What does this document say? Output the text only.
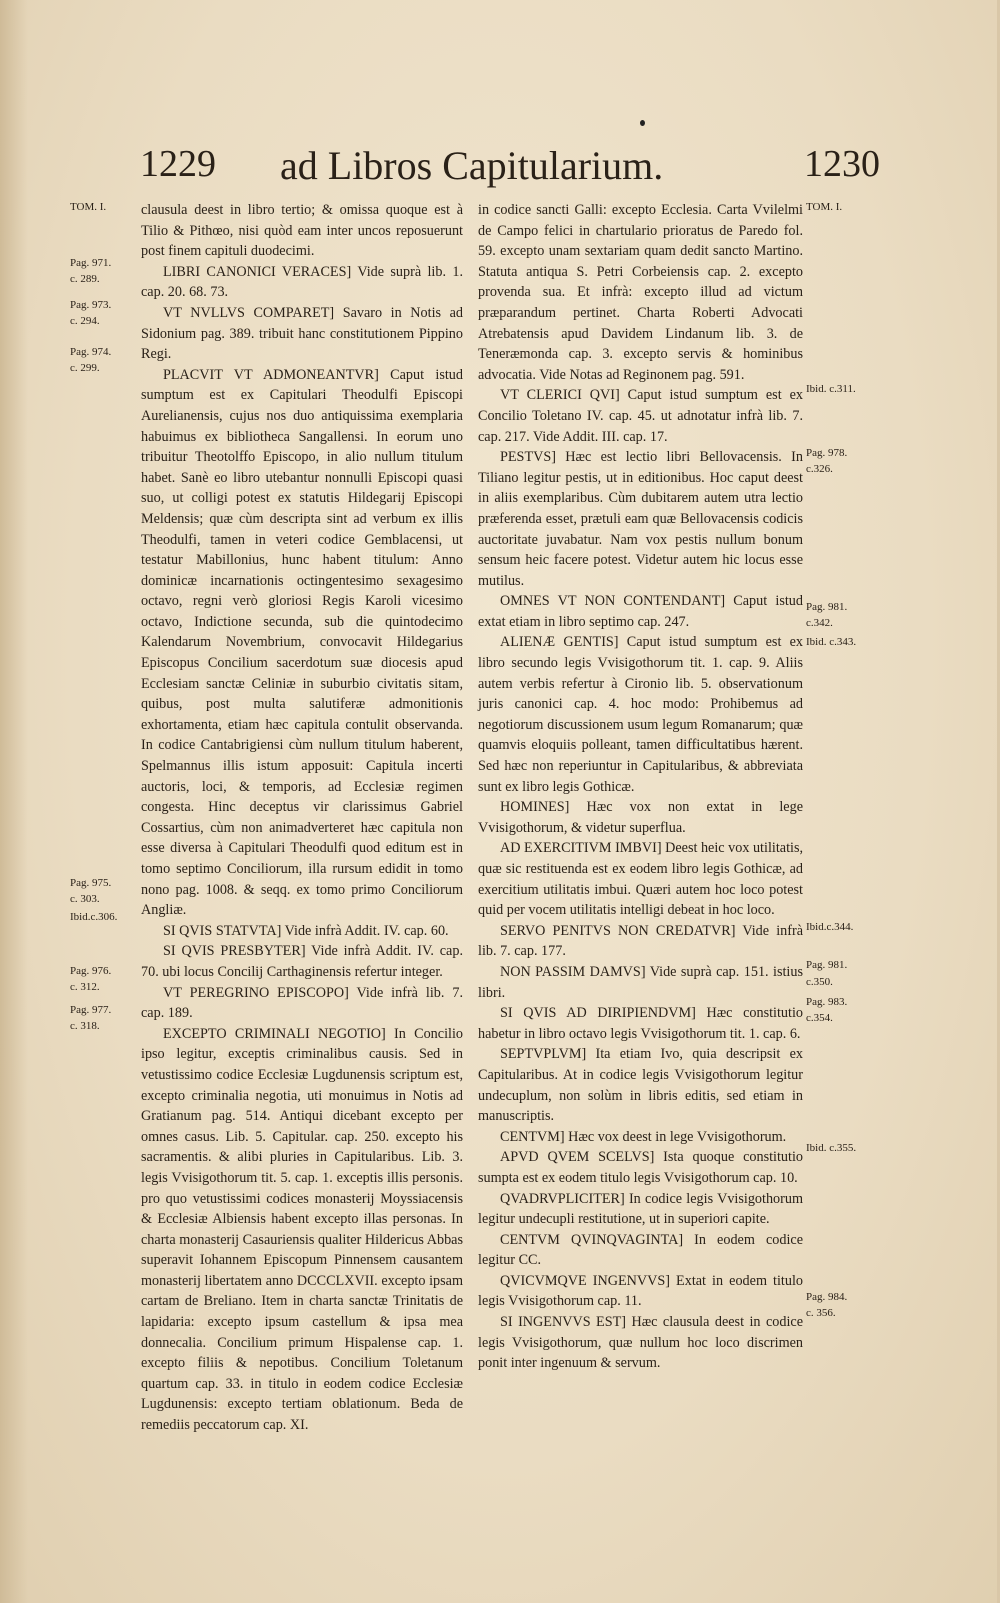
1229 ad Libros Capitularium.	1230
TOM. I.
Pag. 971.
c. 289.
Pag. 973.
c. 294.
Pag. 974.
c. 299.
Pag. 975.
c. 303.
Ibid.c.306.
Pag. 976.
c. 312.
Pag. 977.
c. 318.
TOM. I.
Ibid. c.311.
Pag. 978.
c.326.
Pag. 981.
c.342.
Ibid. c.343.
Ibid.c.344.
Pag. 981.
c.350.
Pag. 983.
c.354.
Ibid. c.355.
Pag. 984.
c. 356.

clausula deest in libro tertio; & omissa quoque est à Tilio & Pithœo, nisi quòd eam inter uncos reposuerunt post finem capituli duodecimi.

LIBRI CANONICI VERACES] Vide suprà lib. 1. cap. 20. 68. 73.

VT NVLLVS COMPARET] Savaro in Notis ad Sidonium pag. 389. tribuit hanc constitutionem Pippino Regi.

PLACVIT VT ADMONEANTVR] Caput istud sumptum est ex Capitulari Theodulfi Episcopi Aurelianensis, cujus nos duo antiquissima exemplaria habuimus ex bibliotheca Sangallensi. In eorum uno tribuitur Theotolffo Episcopo, in alio nullum titulum habet. Sanè eo libro utebantur nonnulli Episcopi quasi suo, ut colligi potest ex statutis Hildegarij Episcopi Meldensis; quæ cùm descripta sint ad verbum ex illis Theodulfi, tamen in veteri codice Gemblacensi, ut testatur Mabillonius, hunc habent titulum: Anno dominicæ incarnationis octingentesimo sexagesimo octavo, regni verò gloriosi Regis Karoli vicesimo octavo, Indictione secunda, sub die quintodecimo Kalendarum Novembrium, convocavit Hildegarius Episcopus Concilium sacerdotum suæ diocesis apud Ecclesiam sanctæ Celiniæ in suburbio civitatis sitam, quibus, post multa salutiferæ admonitionis exhortamenta, etiam hæc capitula contulit observanda. In codice Cantabrigiensi cùm nullum titulum haberent, Spelmannus illis istum apposuit: Capitula incerti auctoris, loci, & temporis, ad Ecclesiæ regimen congesta. Hinc deceptus vir clarissimus Gabriel Cossartius, cùm non animadverteret hæc capitula non esse diversa à Capitulari Theodulfi quod editum est in tomo septimo Conciliorum, illa rursum edidit in tomo nono pag. 1008. & seqq. ex tomo primo Conciliorum Angliæ.

SI QVIS STATVTA] Vide infrà Addit. IV. cap. 60.

SI QVIS PRESBYTER] Vide infrà Addit. IV. cap. 70. ubi locus Concilij Carthaginensis refertur integer.

VT PEREGRINO EPISCOPO] Vide infrà lib. 7. cap. 189.

EXCEPTO CRIMINALI NEGOTIO] In Concilio ipso legitur, exceptis criminalibus causis. Sed in vetustissimo codice Ecclesiæ Lugdunensis scriptum est, excepto criminalia negotia, uti monuimus in Notis ad Gratianum pag. 514. Antiqui dicebant excepto per omnes casus. Lib. 5. Capitular. cap. 250. excepto his sacramentis. & alibi pluries in Capitularibus. Lib. 3. legis Vvisigothorum tit. 5. cap. 1. exceptis illis personis. pro quo vetustissimi codices monasterij Moyssiacensis & Ecclesiæ Albiensis habent excepto illas personas. In charta monasterij Casauriensis qualiter Hildericus Abbas superavit Iohannem Episcopum Pinnensem causantem monasterij libertatem anno DCCCLXVII. excepto ipsam cartam de Breliano. Item in charta sanctæ Trinitatis de lapidaria: excepto ipsum castellum & ipsa mea donnecalia. Concilium primum Hispalense cap. 1. excepto filiis & nepotibus. Concilium Toletanum quartum cap. 33. in titulo in eodem codice Ecclesiæ Lugdunensis: excepto tertiam oblationum. Beda de remediis peccatorum cap. XI.

in codice sancti Galli: excepto Ecclesia. Carta Vvilelmi de Campo felici in chartulario prioratus de Paredo fol. 59. excepto unam sextariam quam dedit sancto Martino. Statuta antiqua S. Petri Corbeiensis cap. 2. excepto provenda sua. Et infrà: excepto illud ad victum præparandum pertinet. Charta Roberti Advocati Atrebatensis apud Davidem Lindanum lib. 3. de Teneræmonda cap. 3. excepto servis & hominibus advocatia. Vide Notas ad Reginonem pag. 591.

VT CLERICI QVI] Caput istud sumptum est ex Concilio Toletano IV. cap. 45. ut adnotatur infrà lib. 7. cap. 217. Vide Addit. III. cap. 17.

PESTVS] Hæc est lectio libri Bellovacensis. In Tiliano legitur pestis, ut in editionibus. Hoc caput deest in aliis exemplaribus. Cùm dubitarem autem utra lectio præferenda esset, prætuli eam quæ Bellovacensis codicis auctoritate juvabatur. Nam vox pestis nullum bonum sensum heic facere potest. Videtur autem hic locus esse mutilus.

OMNES VT NON CONTENDANT] Caput istud extat etiam in libro septimo cap. 247.

ALIENÆ GENTIS] Caput istud sumptum est ex libro secundo legis Vvisigothorum tit. 1. cap. 9. Aliis autem verbis refertur à Cironio lib. 5. observationum juris canonici cap. 4. hoc modo: Prohibemus ad negotiorum discussionem usum legum Romanarum; quæ quamvis eloquiis polleant, tamen difficultatibus hærent. Sed hæc non reperiuntur in Capitularibus, & abbreviata sunt ex libro legis Gothicæ.

HOMINES] Hæc vox non extat in lege Vvisigothorum, & videtur superflua.

AD EXERCITIVM IMBVI] Deest heic vox utilitatis, quæ sic restituenda est ex eodem libro legis Gothicæ, ad exercitium utilitatis imbui. Quæri autem hoc loco potest quid per vocem utilitatis intelligi debeat in hoc loco.

SERVO PENITVS NON CREDATVR] Vide infrà lib. 7. cap. 177.

NON PASSIM DAMVS] Vide suprà cap. 151. istius libri.

SI QVIS AD DIRIPIENDVM] Hæc constitutio habetur in libro octavo legis Vvisigothorum tit. 1. cap. 6.

SEPTVPLVM] Ita etiam Ivo, quia descripsit ex Capitularibus. At in codice legis Vvisigothorum legitur undecuplum, non solùm in libris editis, sed etiam in manuscriptis.

CENTVM] Hæc vox deest in lege Vvisigothorum.

APVD QVEM SCELVS] Ista quoque constitutio sumpta est ex eodem titulo legis Vvisigothorum cap. 10.

QVADRVPLICITER] In codice legis Vvisigothorum legitur undecupli restitutione, ut in superiori capite.

CENTVM QVINQVAGINTA] In eodem codice legitur CC.

QVICVMQVE INGENVVS] Extat in eodem titulo legis Vvisigothorum cap. 11.

SI INGENVVS EST] Hæc clausula deest in codice legis Vvisigothorum, quæ nullum hoc loco discrimen ponit inter ingenuum & servum.
